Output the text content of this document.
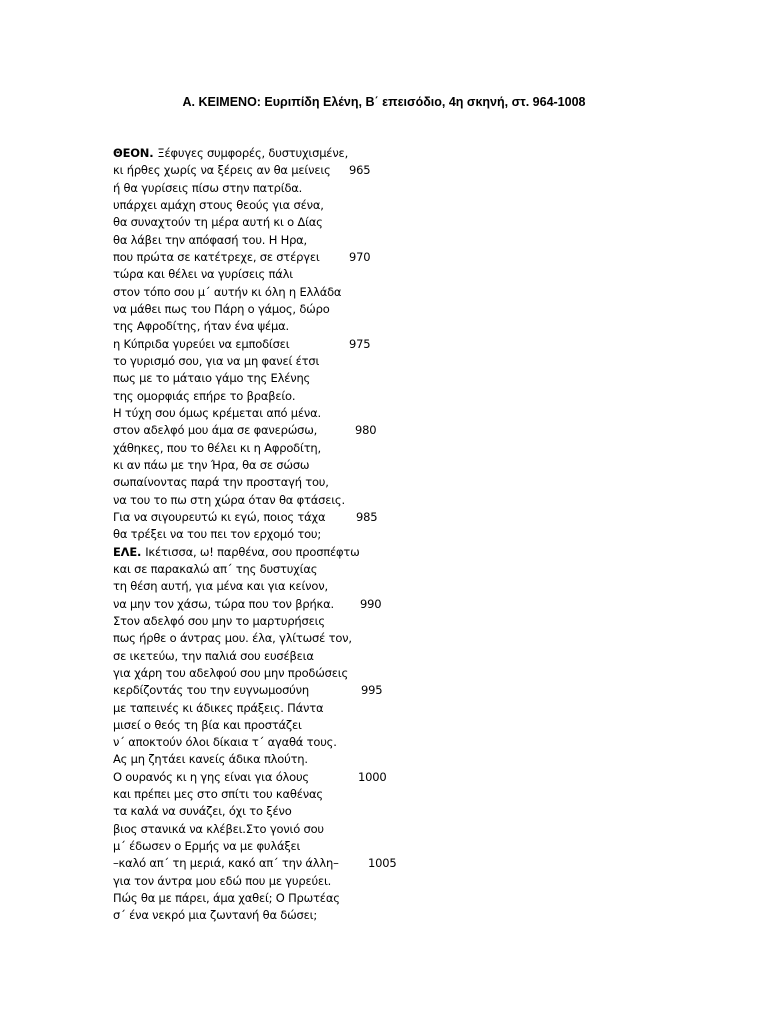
Α. ΚΕΙΜΕΝΟ: Ευριπίδη Ελένη, Β΄ επεισόδιο, 4η σκηνή, στ. 964-1008
ΘΕΟΝ. Ξέφυγες συμφορές, δυστυχισμένε,
κι ήρθες χωρίς να ξέρεις αν θα μείνεις 965
ή θα γυρίσεις πίσω στην πατρίδα.
υπάρχει αμάχη στους θεούς για σένα,
θα συναχτούν τη μέρα αυτή κι ο Δίας
θα λάβει την απόφασή του. Η Ηρα,
που πρώτα σε κατέτρεχε, σε στέργει	970
τώρα και θέλει να γυρίσεις πάλι
στον τόπο σου μ΄ αυτήν κι όλη η Ελλάδα
να μάθει πως του Πάρη ο γάμος, δώρο
της Αφροδίτης, ήταν ένα ψέμα.
η Κύπριδα γυρεύει να εμποδίσει	975
το γυρισμό σου, για να μη φανεί έτσι
πως με το μάταιο γάμο της Ελένης
της ομορφιάς επήρε το βραβείο.
Η τύχη σου όμως κρέμεται από μένα.
στον αδελφό μου άμα σε φανερώσω,	980
χάθηκες, που το θέλει κι η Αφροδίτη,
κι αν πάω με την Ήρα, θα σε σώσω
σωπαίνοντας παρά την προσταγή του,
να του το πω στη χώρα όταν θα φτάσεις.
Για να σιγουρευτώ κι εγώ, ποιος τάχα	985
θα τρέξει να του πει τον ερχομό του;
ΕΛΕ. Ικέτισσα, ω! παρθένα, σου προσπέφτω
και σε παρακαλώ απ΄ της δυστυχίας
τη θέση αυτή, για μένα και για κείνον,
να μην τον χάσω, τώρα που τον βρήκα. 990
Στον αδελφό σου μην το μαρτυρήσεις
πως ήρθε ο άντρας μου. έλα, γλίτωσέ τον,
σε ικετεύω, την παλιά σου ευσέβεια
για χάρη του αδελφού σου μην προδώσεις
κερδίζοντάς του την ευγνωμοσύνη	995
με ταπεινές κι άδικες πράξεις. Πάντα
μισεί ο θεός τη βία και προστάζει
ν΄ αποκτούν όλοι δίκαια τ΄ αγαθά τους.
Ας μη ζητάει κανείς άδικα πλούτη.
Ο ουρανός κι η γης είναι για όλους	1000
και πρέπει μες στο σπίτι του καθένας
τα καλά να συνάζει, όχι το ξένο
βιος στανικά να κλέβει.Στο γονιό σου
μ΄ έδωσεν ο Ερμής να με φυλάξει
–καλό απ΄ τη μεριά, κακό απ΄ την άλλη–	1005
για τον άντρα μου εδώ που με γυρεύει.
Πώς θα με πάρει, άμα χαθεί; Ο Πρωτέας
σ΄ ένα νεκρό μια ζωντανή θα δώσει;
